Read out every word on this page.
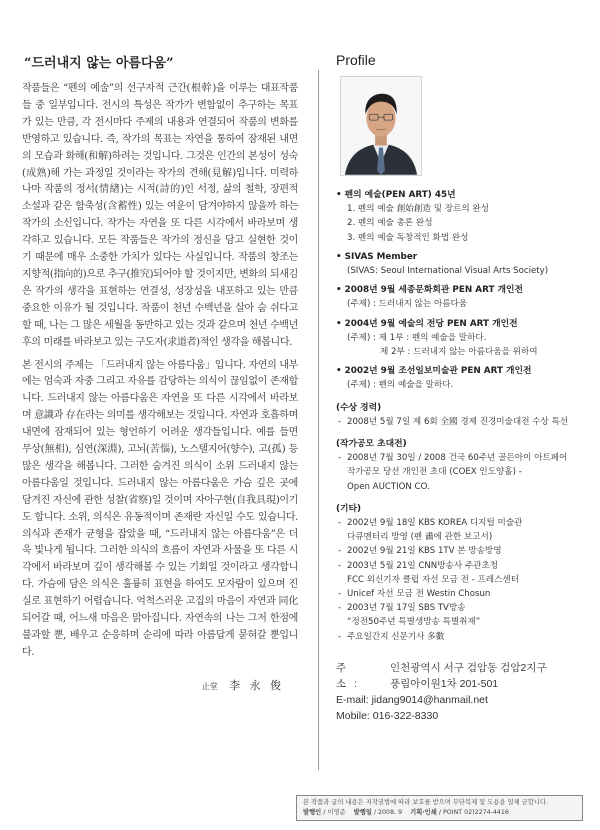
“드러내지 않는 아름다움”

작품들은 “펜의 예술”의 선구자적 근간(根幹)을 이루는 대표작품들 중 일부입니다. 전시의 특성은 작가가 변함없이 추구하는 목표가 있는 만큼, 각 전시마다 주제의 내용과 연결되어 작품의 변화를 반영하고 있습니다. 즉, 작가의 목표는 자연을 통하여 잠재된 내면의 모습과 화해(和解)하려는 것입니다. 그것은 인간의 본성이 성숙(成熟)해 가는 과정일 것이라는 작가의 견해(見解)입니다. 미력하나마 작품의 정서(情緖)는 시적(詩的)인 서정, 삶의 철학, 장편적 소설과 같은 함축성(含蓄性) 있는 여운이 담겨야하지 않을까 하는 작가의 소신입니다. 작가는 자연을 또 다른 시각에서 바라보며 생각하고 있습니다. 모든 작품들은 작가의 정신을 담고 실현한 것이기 때문에 매우 소중한 가치가 있다는 사실입니다. 작품의 창조는 지향적(指向的)으로 추구(推究)되어야 할 것이지만, 변화의 되새김은 작가의 생각을 표현하는 연결성, 성장성을 내포하고 있는 만큼 중요한 이유가 될 것입니다. 작품이 천년 수백년을 살아 숨 쉬다고 할 때, 나는 그 많은 세월을 동반하고 있는 것과 같으며 천년 수백년 후의 미래를 바라보고 있는 구도자(求道者)적인 생각을 해봅니다.

본 전시의 주제는 「드러내지 않는 아름다움」입니다. 자연의 내부에는 엄숙과 자중 그리고 자유를 감당하는 의식이 끊임없이 존재합니다. 드러내지 않는 아름다움은 자연을 또 다른 시각에서 바라보며 意識과 存在라는 의미를 생각해보는 것입니다. 자연과 호흡하며 내면에 잠재되어 있는 형언하기 어려운 생각들입니다. 예를 들면 무상(無相), 심연(深淵), 고뇌(苦惱), 노스탤지어(향수), 고(孤) 등 많은 생각을 해봅니다. 그러한 숨겨진 의식이 소위 드러내지 않는 아름다움일 것입니다. 드러내지 않는 아름다움은 가슴 깊은 곳에 담겨진 자신에 관한 성찰(省察)일 것이며 자아구현(自我具現)이기도 합니다. 소위, 의식은 유동적이며 존재란 자신일 수도 있습니다. 의식과 존재가 균형을 잡았을 때, “드러내지 않는 아름다움”은 더욱 빛나게 됩니다. 그러한 의식의 흐름이 자연과 사물을 또 다른 시각에서 바라보며 깊이 생각해볼 수 있는 기회일 것이라고 생각합니다. 가슴에 담은 의식은 훌륭히 표현을 하여도 모자람이 있으며 진실로 표현하기 어렵습니다. 억척스러운 고집의 마음이 자연과 同化되어갈 때, 어느새 마음은 맑아집니다. 자연속의 나는 그저 한점에 불과할 뿐, 배우고 순응하며 순리에 따라 아름답게 묻혀갈 뿐입니다.

止堂 李 永 俊
Profile
• 펜의 예술(PEN ART) 45년
1. 펜의 예술 創始創造 및 장르의 완성
2. 펜의 예술 총론 완성
3. 펜의 예술 독창적인 화법 완성
• SIVAS Member
(SIVAS: Seoul International Visual Arts Society)
• 2008년 9월 세종문화회관 PEN ART 개인전
(주제) : 드러내지 않는 아름다움
• 2004년 9월 예술의 전당 PEN ART 개인전
(주제) : 제 1부 : 펜의 예술을 말하다.
제 2부 : 드러내지 않는 아름다움을 위하여
• 2002년 9월 조선일보미술관 PEN ART 개인전
(주제) : 펜의 예술을 말하다.
(수상 경력)
- 2008년 5월 7일 제 6회 全國 경제 진경미술대전 수상 특선
(작가공모 초대전)
- 2008년 7월 30일 / 2008 건국 60주년 골든아이 아트페어
작가공모 당선 개인전 초대 (COEX 인도양홀) -
Open AUCTION CO.
(기타)
- 2002년 9월 18일 KBS KOREA 디지털 미술관
다큐멘터리 방영 (펜 畵에 관한 보고서)
- 2002년 9월 21일 KBS 1TV 본 방송방영
- 2003년 5월 21일 CNN방송사 주관초청
FCC 외신기자 클럽 자선 모금 전 - 프레스센터
- Unicef 자선 모금 전 Westin Chosun
- 2003년 7월 17일 SBS TV방송
“정전50주년 특별생방송 특별취재”
- 주요일간지 신문기사 多數
주 소:
인천광역시 서구 검암동 검암2지구
풍림아이원1차 201-501
E-mail: jidang9014@hanmail.net
Mobile: 016-322-8330
본 작품과 글의 내용은 저작권법에 따라 보호를 받으며 무단복제 및 도용을 일체 금합니다.
발행인 / 이영준 발행일 / 2008. 9 기획·인쇄 / POINT 02)2274-4416
